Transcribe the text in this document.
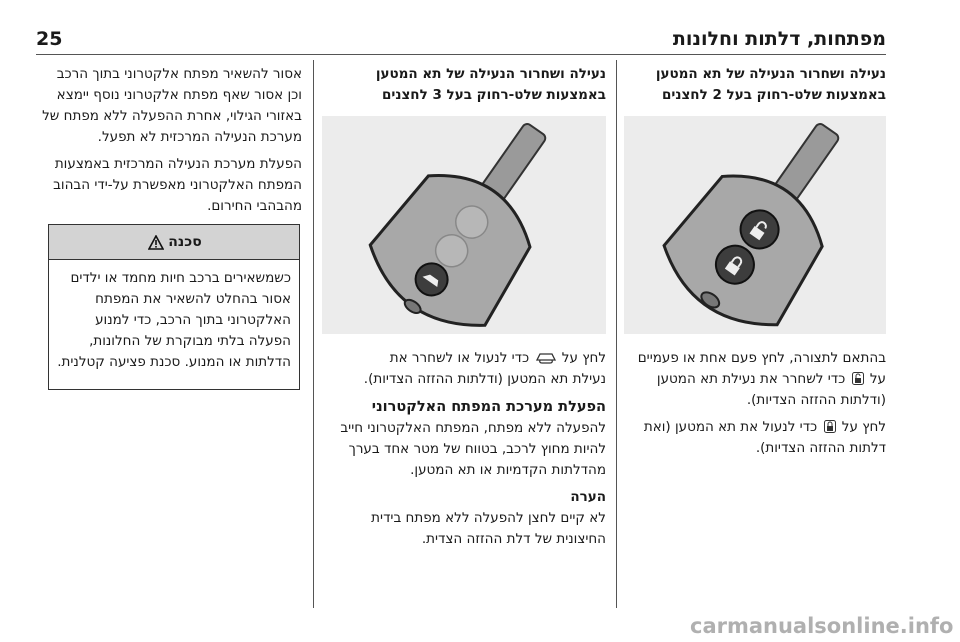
25	מפתחות, דלתות וחלונות
נעילה ושחרור הנעילה של תא המטען
באמצעות שלט-רחוק בעל 2 לחצנים

בהתאם לתצורה, לחץ פעם אחת או פעמיים
על  כדי לשחרר את נעילת תא המטען
(ודלתות ההזזה הצדיות).

לחץ על  כדי לנעול את תא המטען (ואת
דלתות ההזזה הצדיות).

נעילה ושחרור הנעילה של תא המטען
באמצעות שלט-רחוק בעל 3 לחצנים

לחץ על  כדי לנעול או לשחרר את
נעילת תא המטען (ודלתות ההזזה הצדיות).

הפעלת מערכת המפתח האלקטרוני

להפעלה ללא מפתח, המפתח האלקטרוני חייב להיות מחוץ לרכב, בטווח של מטר אחד בערך מהדלתות הקדמיות או תא המטען.

הערה

לא קיים לחצן להפעלה ללא מפתח בידית החיצונית של דלת ההזזה הצדית.

אסור להשאיר מפתח אלקטרוני בתוך הרכב וכן אסור שאף מפתח אלקטרוני נוסף יימצא באזורי הגילוי, אחרת ההפעלה ללא מפתח של מערכת הנעילה המרכזית לא תפעל.

הפעלת מערכת הנעילה המרכזית באמצעות המפתח האלקטרוני מאפשרת על-ידי הבהוב מהבהבי החירום.

סכנה
כשמשאירים ברכב חיות מחמד או ילדים אסור בהחלט להשאיר את המפתח האלקטרוני בתוך הרכב, כדי למנוע הפעלה בלתי מבוקרת של החלונות, הדלתות או המנוע. סכנת פציעה קטלנית.
carmanualsonline.info
